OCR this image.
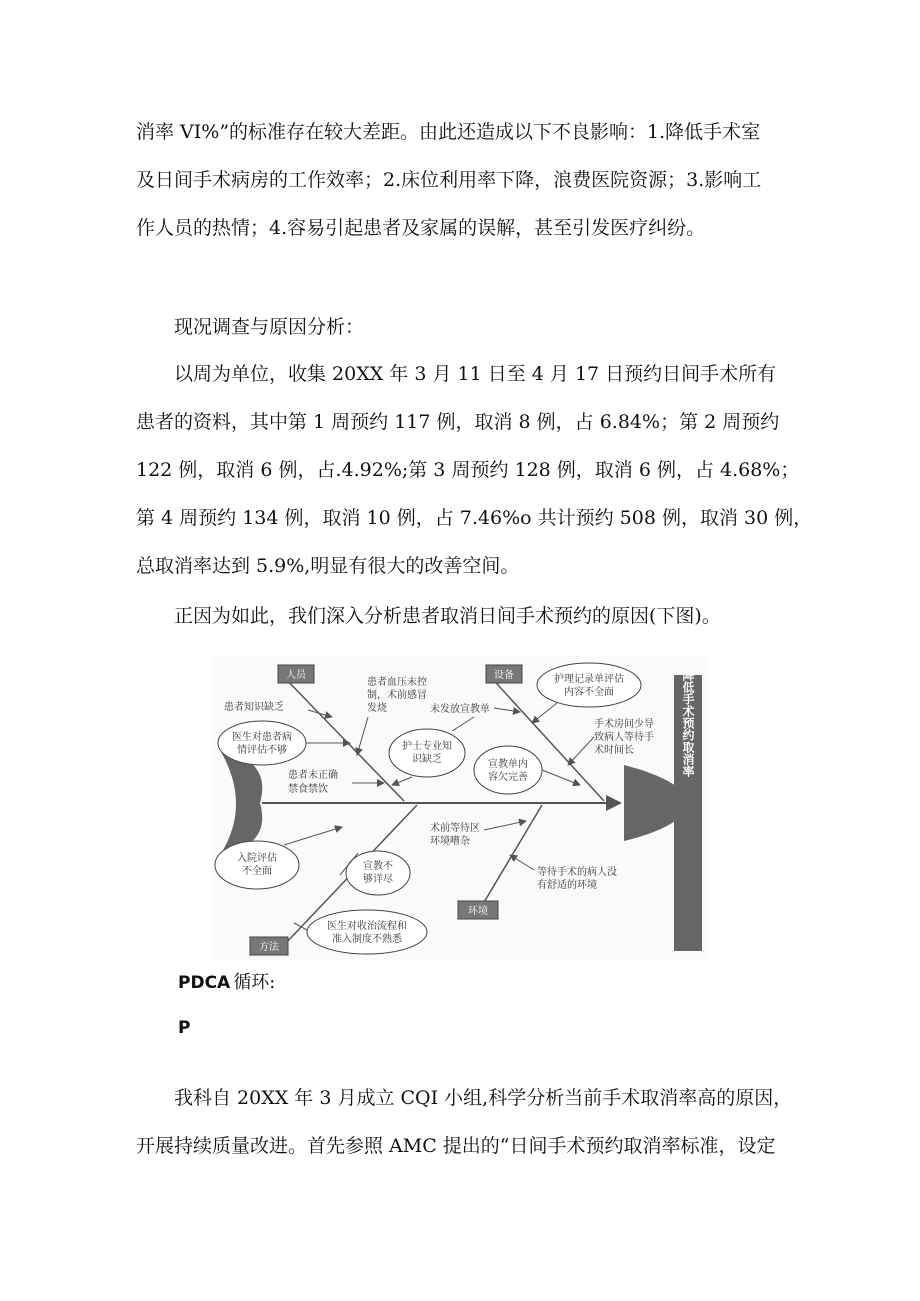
消率 VI%”的标准存在较大差距。由此还造成以下不良影响：1.降低手术室
及日间手术病房的工作效率；2.床位利用率下降，浪费医院资源；3.影响工
作人员的热情；4.容易引起患者及家属的误解，甚至引发医疗纠纷。
现况调查与原因分析：
以周为单位，收集 20XX 年 3 月 11 日至 4 月 17 日预约日间手术所有
患者的资料，其中第 1 周预约 117 例，取消 8 例，占 6.84%；第 2 周预约
122 例，取消 6 例，占.4.92%;第 3 周预约 128 例，取消 6 例，占 4.68%；
第 4 周预约 134 例，取消 10 例，占 7.46%o 共计预约 508 例，取消 30 例，
总取消率达到 5.9%,明显有很大的改善空间。
正因为如此，我们深入分析患者取消日间手术预约的原因(下图)。
降低手术预约取消率
人员	设备
方法
环境
患者血压未控
制，术前感冒
发烧
患者知识缺乏
医生对患者病
情评估不够	护士专业知
识缺乏
患者未正确
禁食禁饮
护理记录单评估
内容不全面
未发放宣教单
手术房间少导
致病人等待手
术时间长
宣教单内
容欠完善
入院评估
不全面	宣教不
够详尽
医生对收治流程和
准入制度不熟悉
术前等待区
环境嘈杂
等待手术的病人没
有舒适的环境
PDCA 循环:
P
我科自 20XX 年 3 月成立 CQI 小组,科学分析当前手术取消率高的原因，
开展持续质量改进。首先参照 AMC 提出的“日间手术预约取消率标准，设定
